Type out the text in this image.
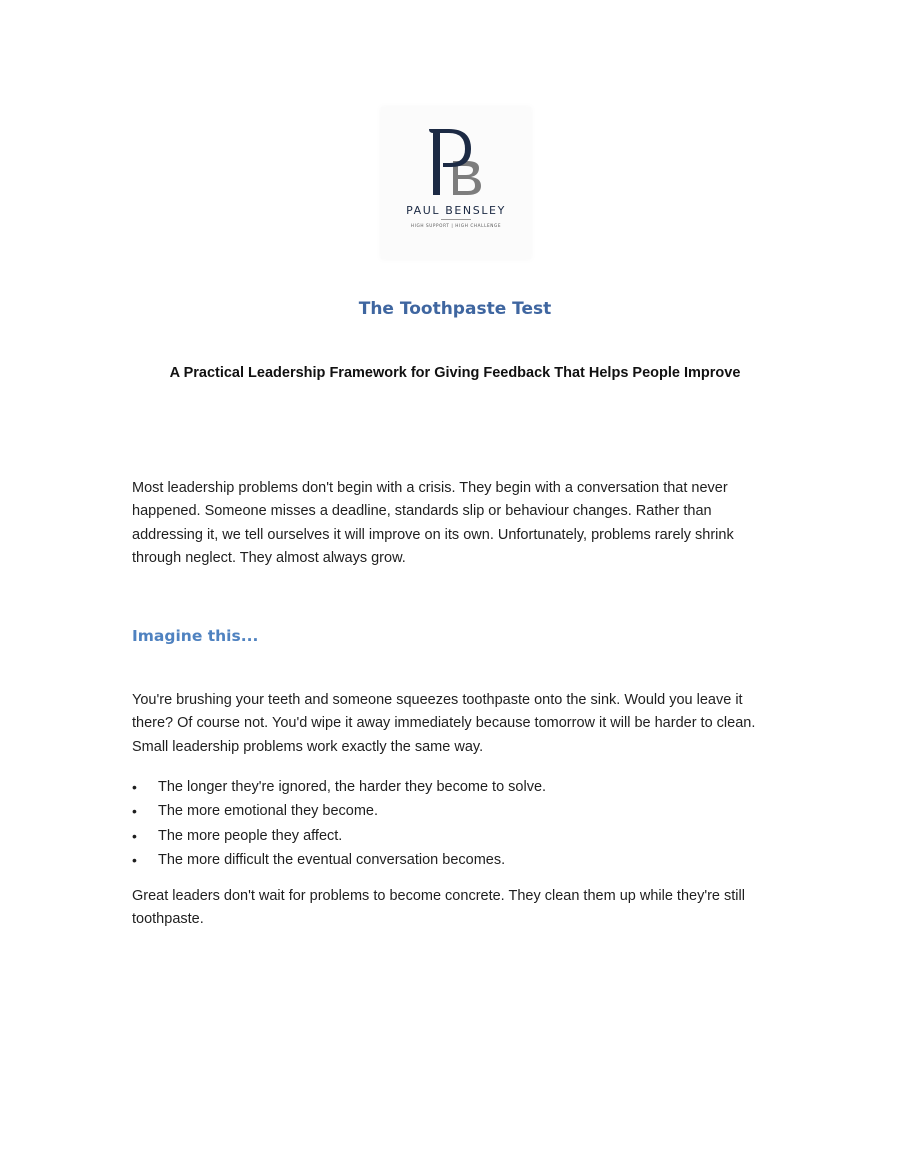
PAUL BENSLEY
HIGH SUPPORT | HIGH CHALLENGE
The Toothpaste Test
A Practical Leadership Framework for Giving Feedback That Helps People Improve

Most leadership problems don't begin with a crisis. They begin with a conversation that never happened. Someone misses a deadline, standards slip or behaviour changes. Rather than addressing it, we tell ourselves it will improve on its own. Unfortunately, problems rarely shrink through neglect. They almost always grow.

Imagine this...

You're brushing your teeth and someone squeezes toothpaste onto the sink. Would you leave it there? Of course not. You'd wipe it away immediately because tomorrow it will be harder to clean. Small leadership problems work exactly the same way.

• The longer they're ignored, the harder they become to solve.
• The more emotional they become.
• The more people they affect.
• The more difficult the eventual conversation becomes.

Great leaders don't wait for problems to become concrete. They clean them up while they're still toothpaste.
